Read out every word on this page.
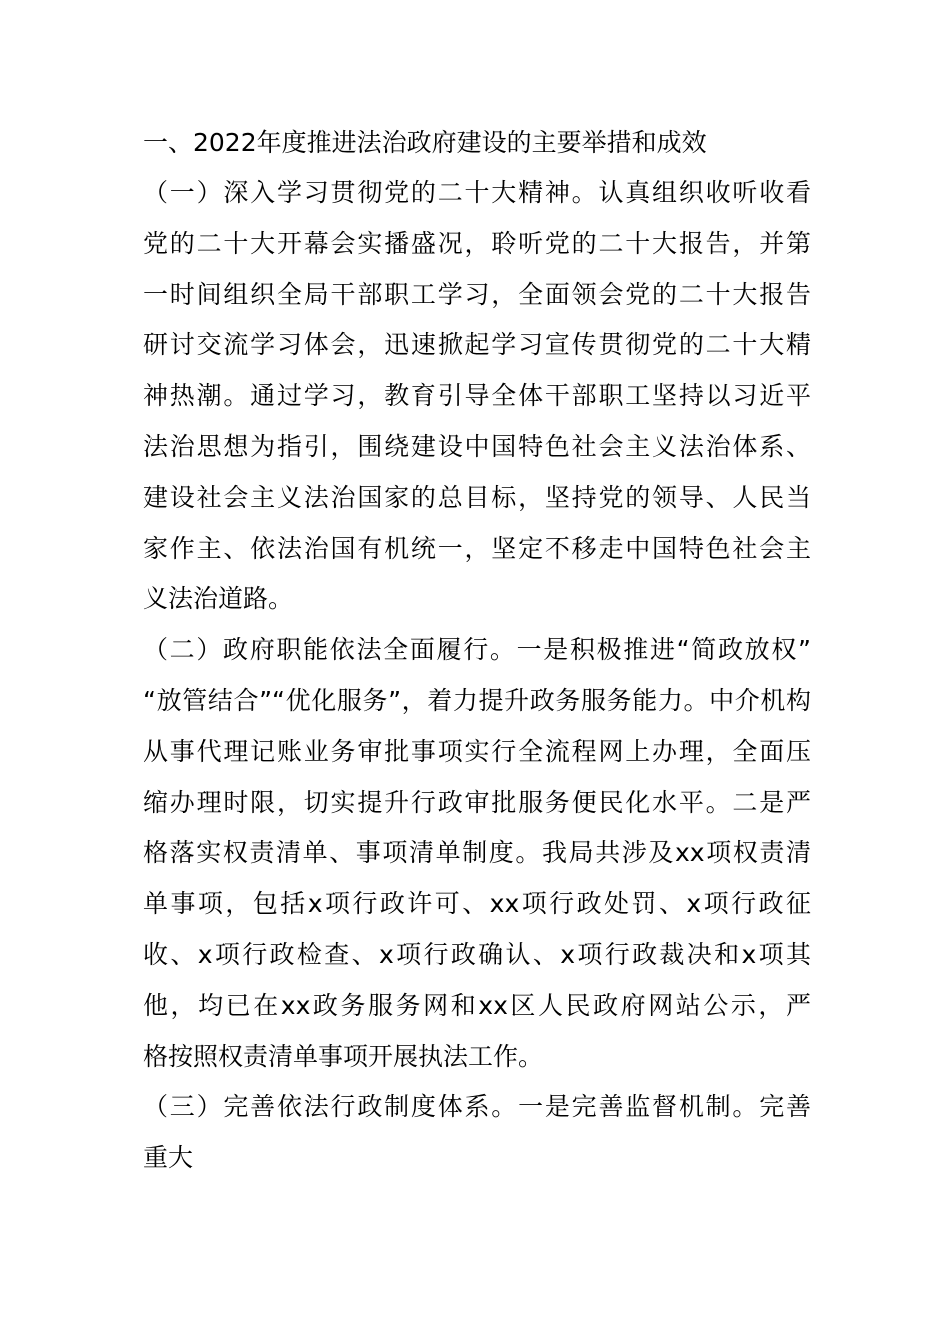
一、2022年度推进法治政府建设的主要举措和成效
（一）深入学习贯彻党的二十大精神。认真组织收听收看
党的二十大开幕会实播盛况，聆听党的二十大报告，并第
一时间组织全局干部职工学习，全面领会党的二十大报告
研讨交流学习体会，迅速掀起学习宣传贯彻党的二十大精
神热潮。通过学习，教育引导全体干部职工坚持以习近平
法治思想为指引，围绕建设中国特色社会主义法治体系、
建设社会主义法治国家的总目标，坚持党的领导、人民当
家作主、依法治国有机统一，坚定不移走中国特色社会主
义法治道路。
（二）政府职能依法全面履行。一是积极推进“简政放权”
“放管结合”“优化服务”，着力提升政务服务能力。中介机构
从事代理记账业务审批事项实行全流程网上办理，全面压
缩办理时限，切实提升行政审批服务便民化水平。二是严
格落实权责清单、事项清单制度。我局共涉及xx项权责清
单事项，包括x项行政许可、xx项行政处罚、x项行政征
收、x项行政检查、x项行政确认、x项行政裁决和x项其
他，均已在xx政务服务网和xx区人民政府网站公示，严
格按照权责清单事项开展执法工作。
（三）完善依法行政制度体系。一是完善监督机制。完善
重大
